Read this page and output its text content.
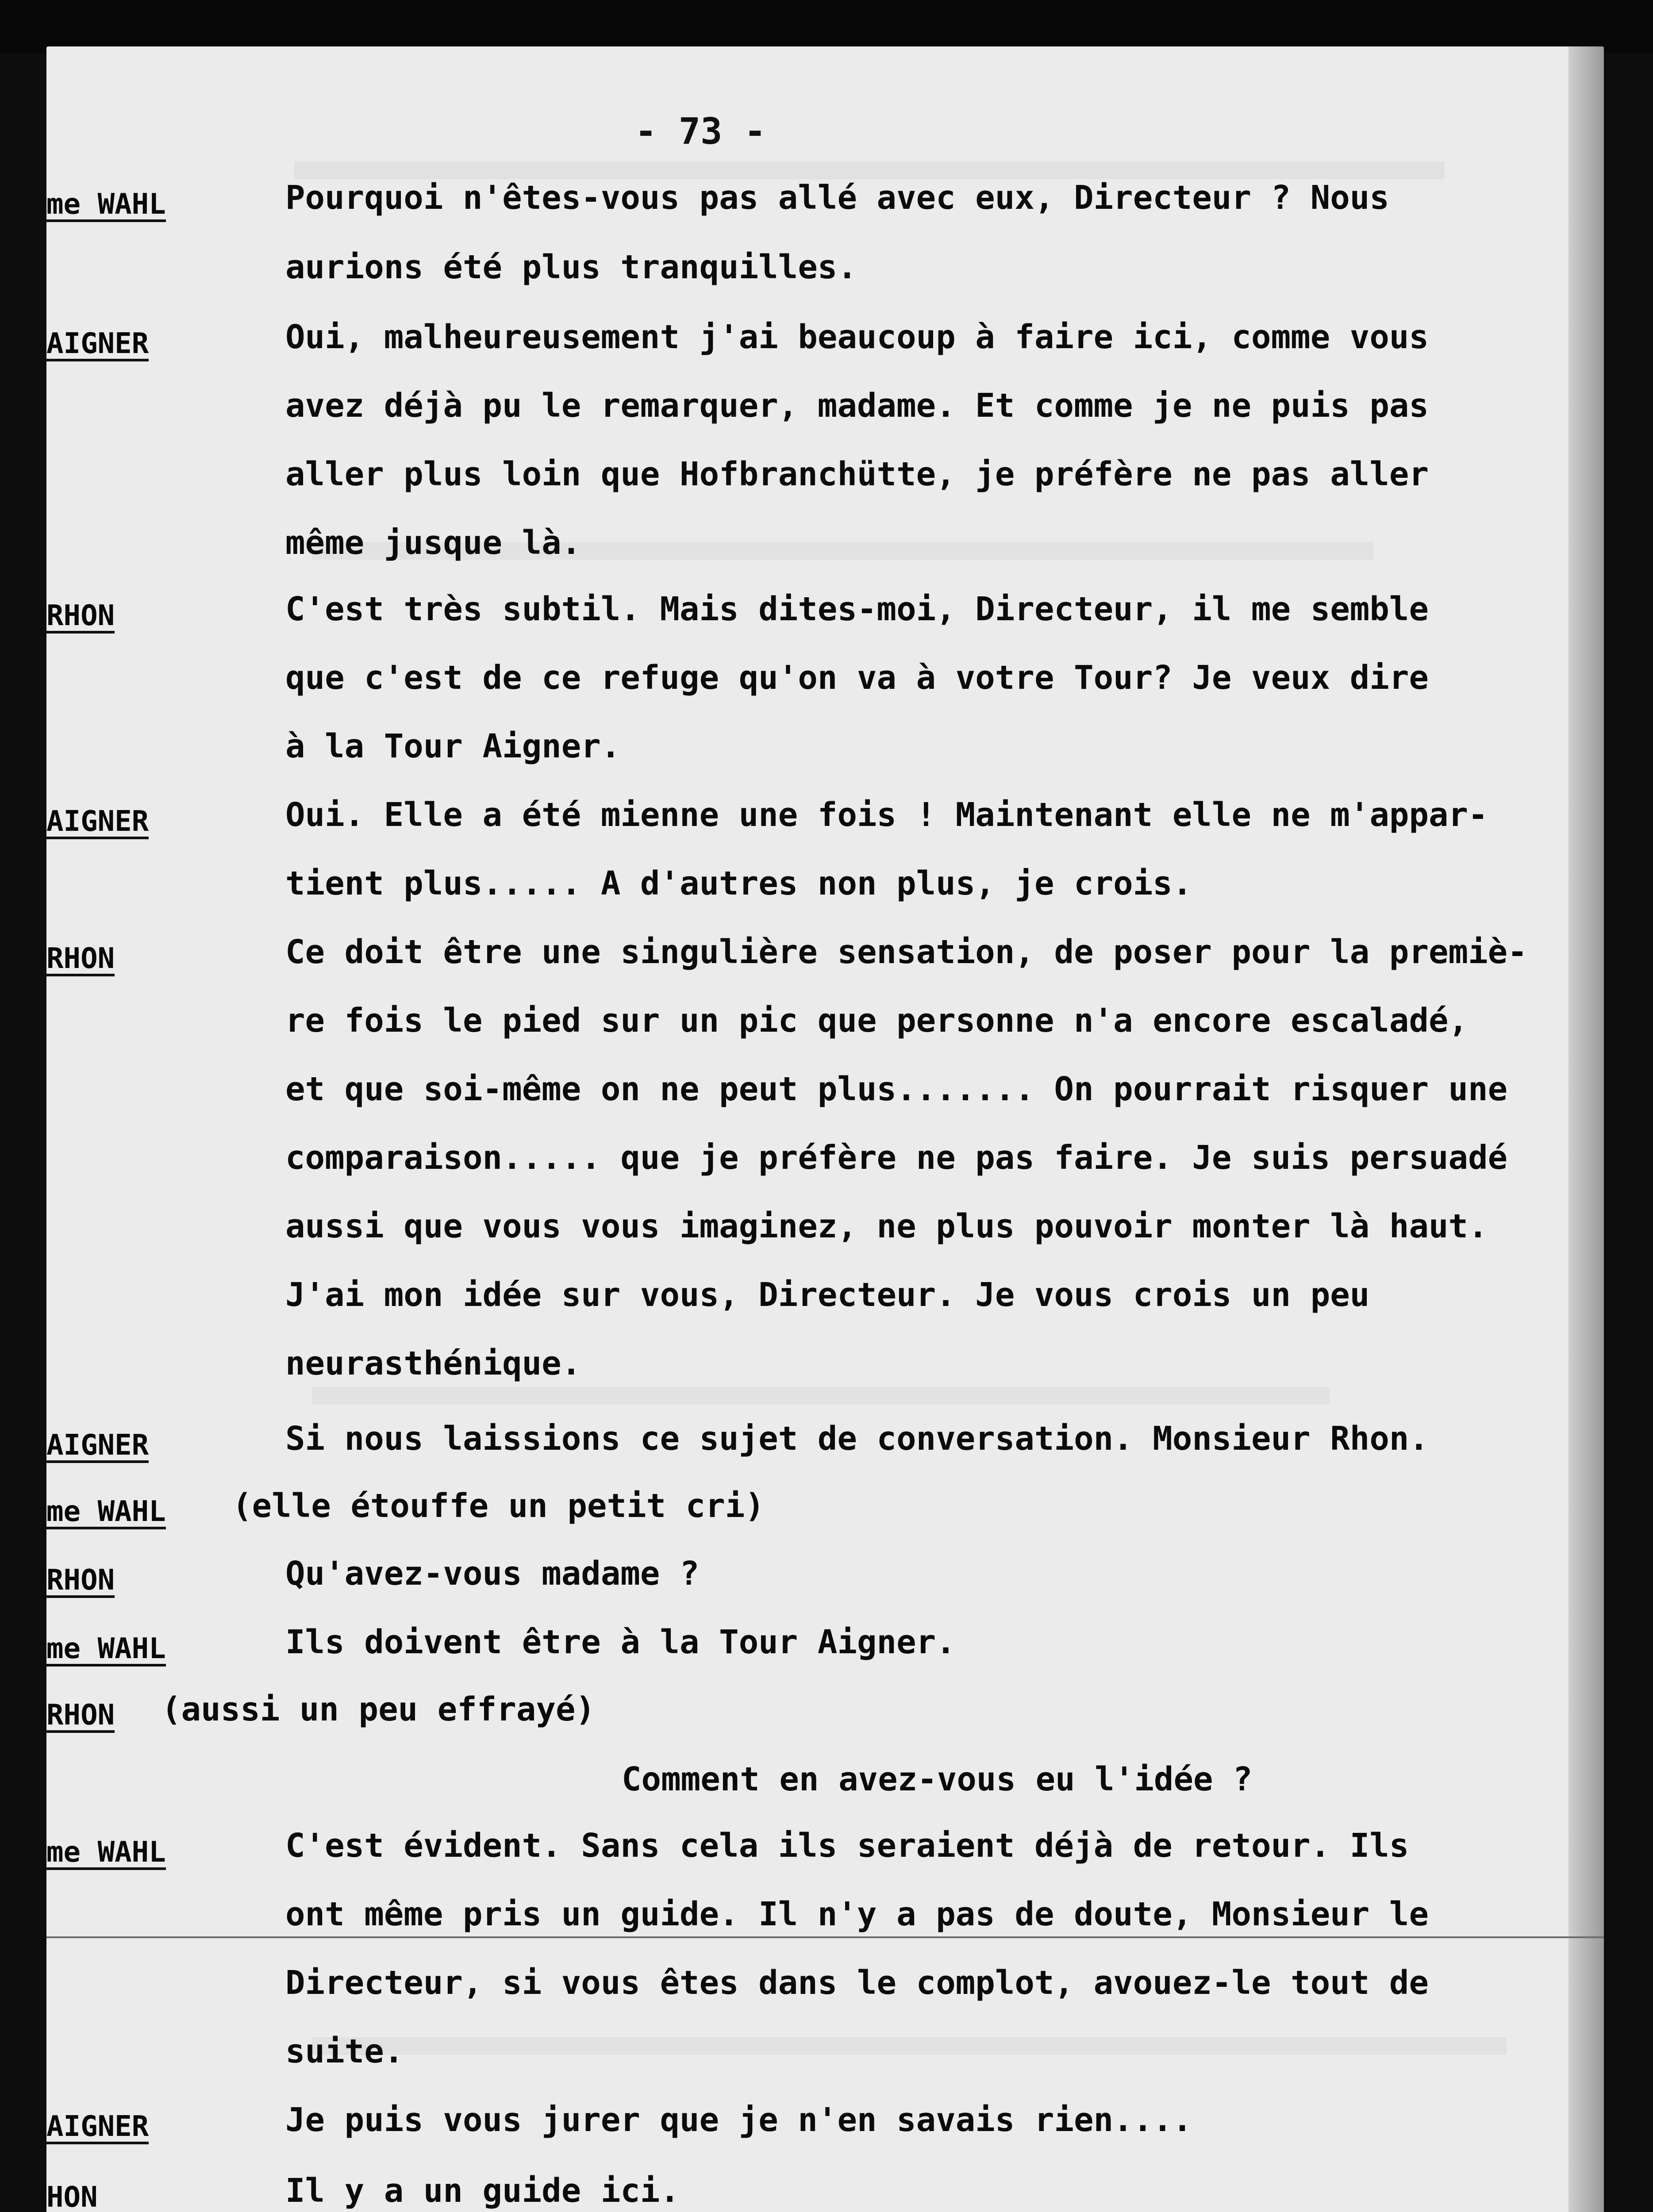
- 73 -
me WAHL	Pourquoi n'êtes-vous pas allé avec eux, Directeur ? Nous
aurions été plus tranquilles.
AIGNER	Oui, malheureusement j'ai beaucoup à faire ici, comme vous
avez déjà pu le remarquer, madame. Et comme je ne puis pas
aller plus loin que Hofbranchütte, je préfère ne pas aller
même jusque là.
RHON	C'est très subtil. Mais dites-moi, Directeur, il me semble
que c'est de ce refuge qu'on va à votre Tour? Je veux dire
à la Tour Aigner.
AIGNER	Oui. Elle a été mienne une fois ! Maintenant elle ne m'appar-
tient plus..... A d'autres non plus, je crois.
RHON	Ce doit être une singulière sensation, de poser pour la premiè-
re fois le pied sur un pic que personne n'a encore escaladé,
et que soi-même on ne peut plus....... On pourrait risquer une
comparaison..... que je préfère ne pas faire. Je suis persuadé
aussi que vous vous imaginez, ne plus pouvoir monter là haut.
J'ai mon idée sur vous, Directeur. Je vous crois un peu
neurasthénique.
AIGNER	Si nous laissions ce sujet de conversation. Monsieur Rhon.
me WAHL (elle étouffe un petit cri)
RHON	Qu'avez-vous madame ?
me WAHL	Ils doivent être à la Tour Aigner.
RHON (aussi un peu effrayé)
Comment en avez-vous eu l'idée ?
me WAHL	C'est évident. Sans cela ils seraient déjà de retour. Ils
ont même pris un guide. Il n'y a pas de doute, Monsieur le
Directeur, si vous êtes dans le complot, avouez-le tout de
suite.
AIGNER	Je puis vous jurer que je n'en savais rien....
HON	Il y a un guide ici.
